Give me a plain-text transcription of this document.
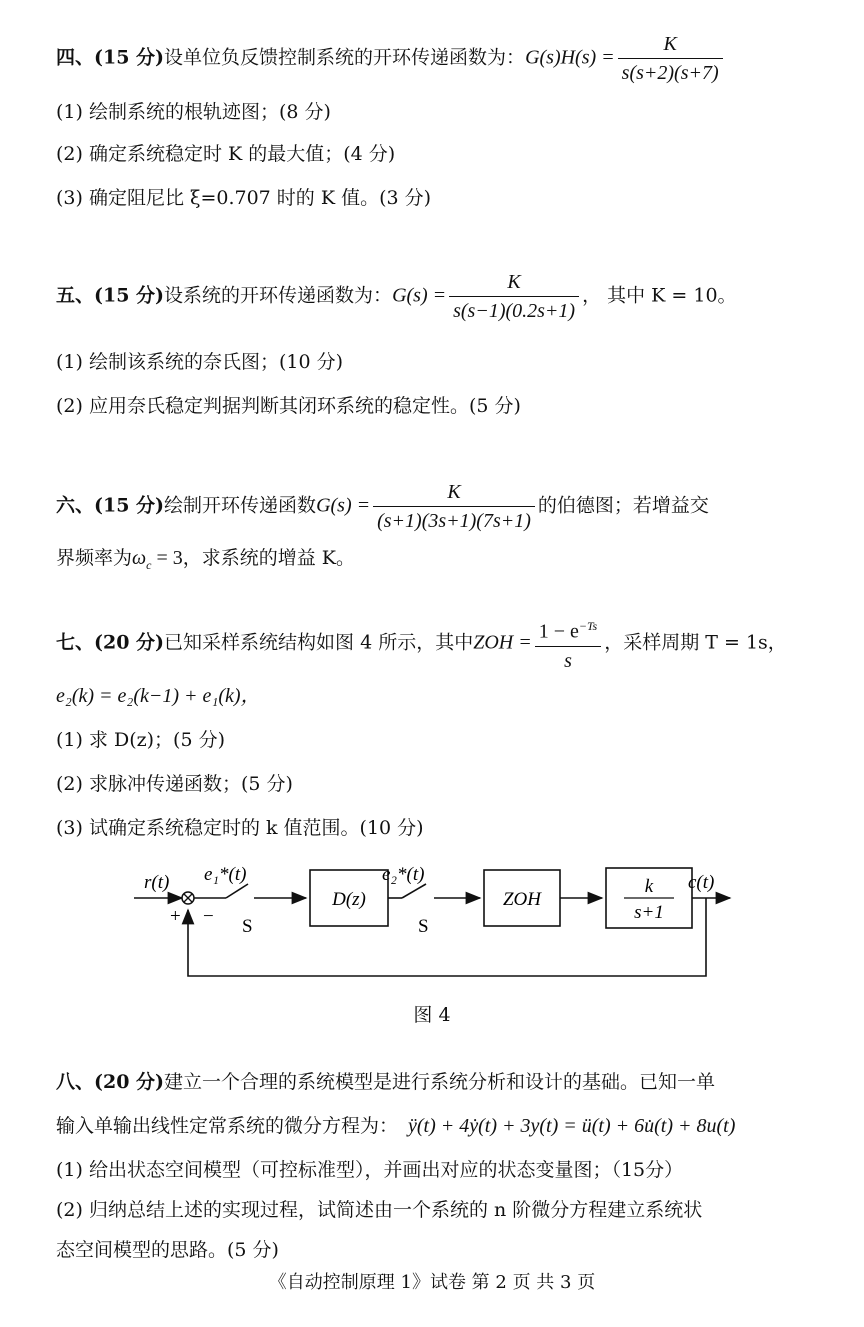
四、(15 分)设单位负反馈控制系统的开环传递函数为：$G(s)H(s) = \frac{K}{s(s+2)(s+7)}$
(1) 绘制系统的根轨迹图；(8 分)
(2) 确定系统稳定时 K 的最大值；(4 分)
(3) 确定阻尼比 ξ=0.707 时的 K 值。(3 分)
五、(15 分)设系统的开环传递函数为：$G(s) = \frac{K}{s(s-1)(0.2s+1)}$ ， 其中 K = 10。
(1) 绘制该系统的奈氏图；(10 分)
(2) 应用奈氏稳定判据判断其闭环系统的稳定性。(5 分)
六、(15 分)绘制开环传递函数$G(s) = \frac{K}{(s+1)(3s+1)(7s+1)}$ 的伯德图；若增益交
界频率为$\omega_c = 3$，求系统的增益 K。
七、(20 分)已知采样系统结构如图 4 所示，其中ZOH = $\frac{1 - e^{-Ts}}{s}$ ，采样周期 T = 1s，
e₂(k) = e₂(k−1) + e₁(k)，
(1) 求 D(z)；(5 分)
(2) 求脉冲传递函数；(5 分)
(3) 试确定系统稳定时的 k 值范围。(10 分)
r(t) e₁*(t)
+ − S
D(z)
e₂*(t)
S
ZOH
k
s+1
c(t)
图 4
八、(20 分)建立一个合理的系统模型是进行系统分析和设计的基础。已知一单
输入单输出线性定常系统的微分方程为： ÿ(t) + 4ẏ(t) + 3y(t) = ü(t) + 6u̇(t) + 8u(t)
(1) 给出状态空间模型（可控标准型），并画出对应的状态变量图；（15分）
(2) 归纳总结上述的实现过程，试简述由一个系统的 n 阶微分方程建立系统状
态空间模型的思路。(5 分)
《自动控制原理 1》试卷 第 2 页 共 3 页
